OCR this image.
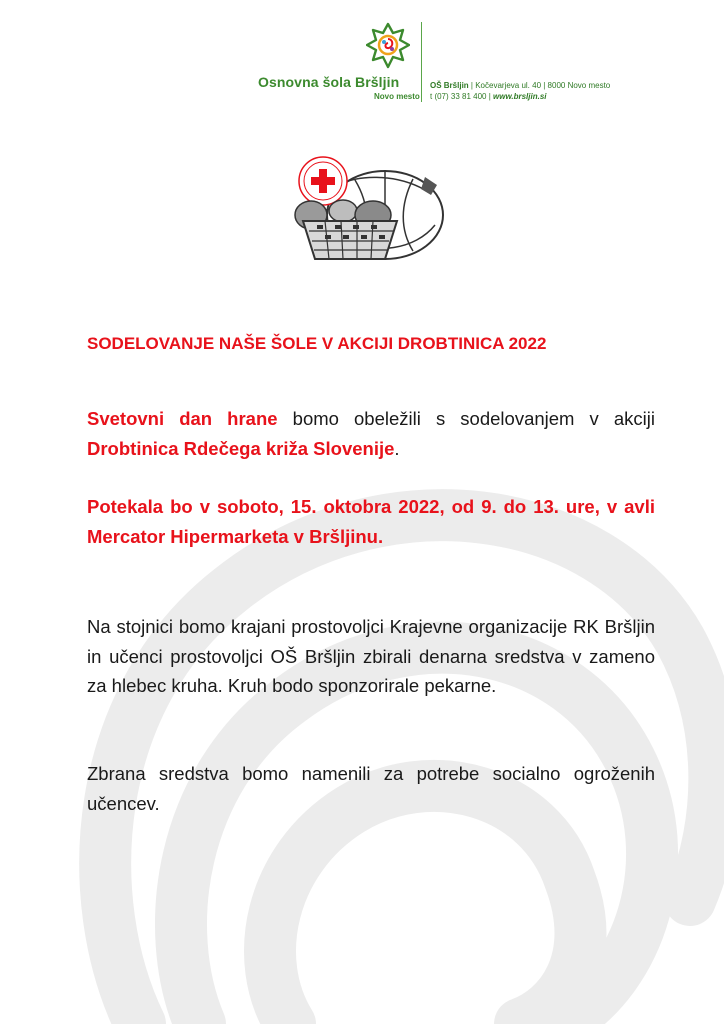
Osnovna šola Bršljin
Novo mesto
OŠ Bršljin | Kočevarjeva ul. 40 | 8000 Novo mesto
t (07) 33 81 400 | www.brsljin.si
SODELOVANJE NAŠE ŠOLE V AKCIJI DROBTINICA 2022

Svetovni dan hrane bomo obeležili s sodelovanjem v akciji Drobtinica Rdečega križa Slovenije.

Potekala bo v soboto, 15. oktobra 2022, od 9. do 13. ure, v avli Mercator Hipermarketa v Bršljinu.

Na stojnici bomo krajani prostovoljci Krajevne organizacije RK Bršljin in učenci prostovoljci OŠ Bršljin zbirali denarna sredstva v zameno za hlebec kruha. Kruh bodo sponzorirale pekarne.

Zbrana sredstva bomo namenili za potrebe socialno ogroženih učencev.
